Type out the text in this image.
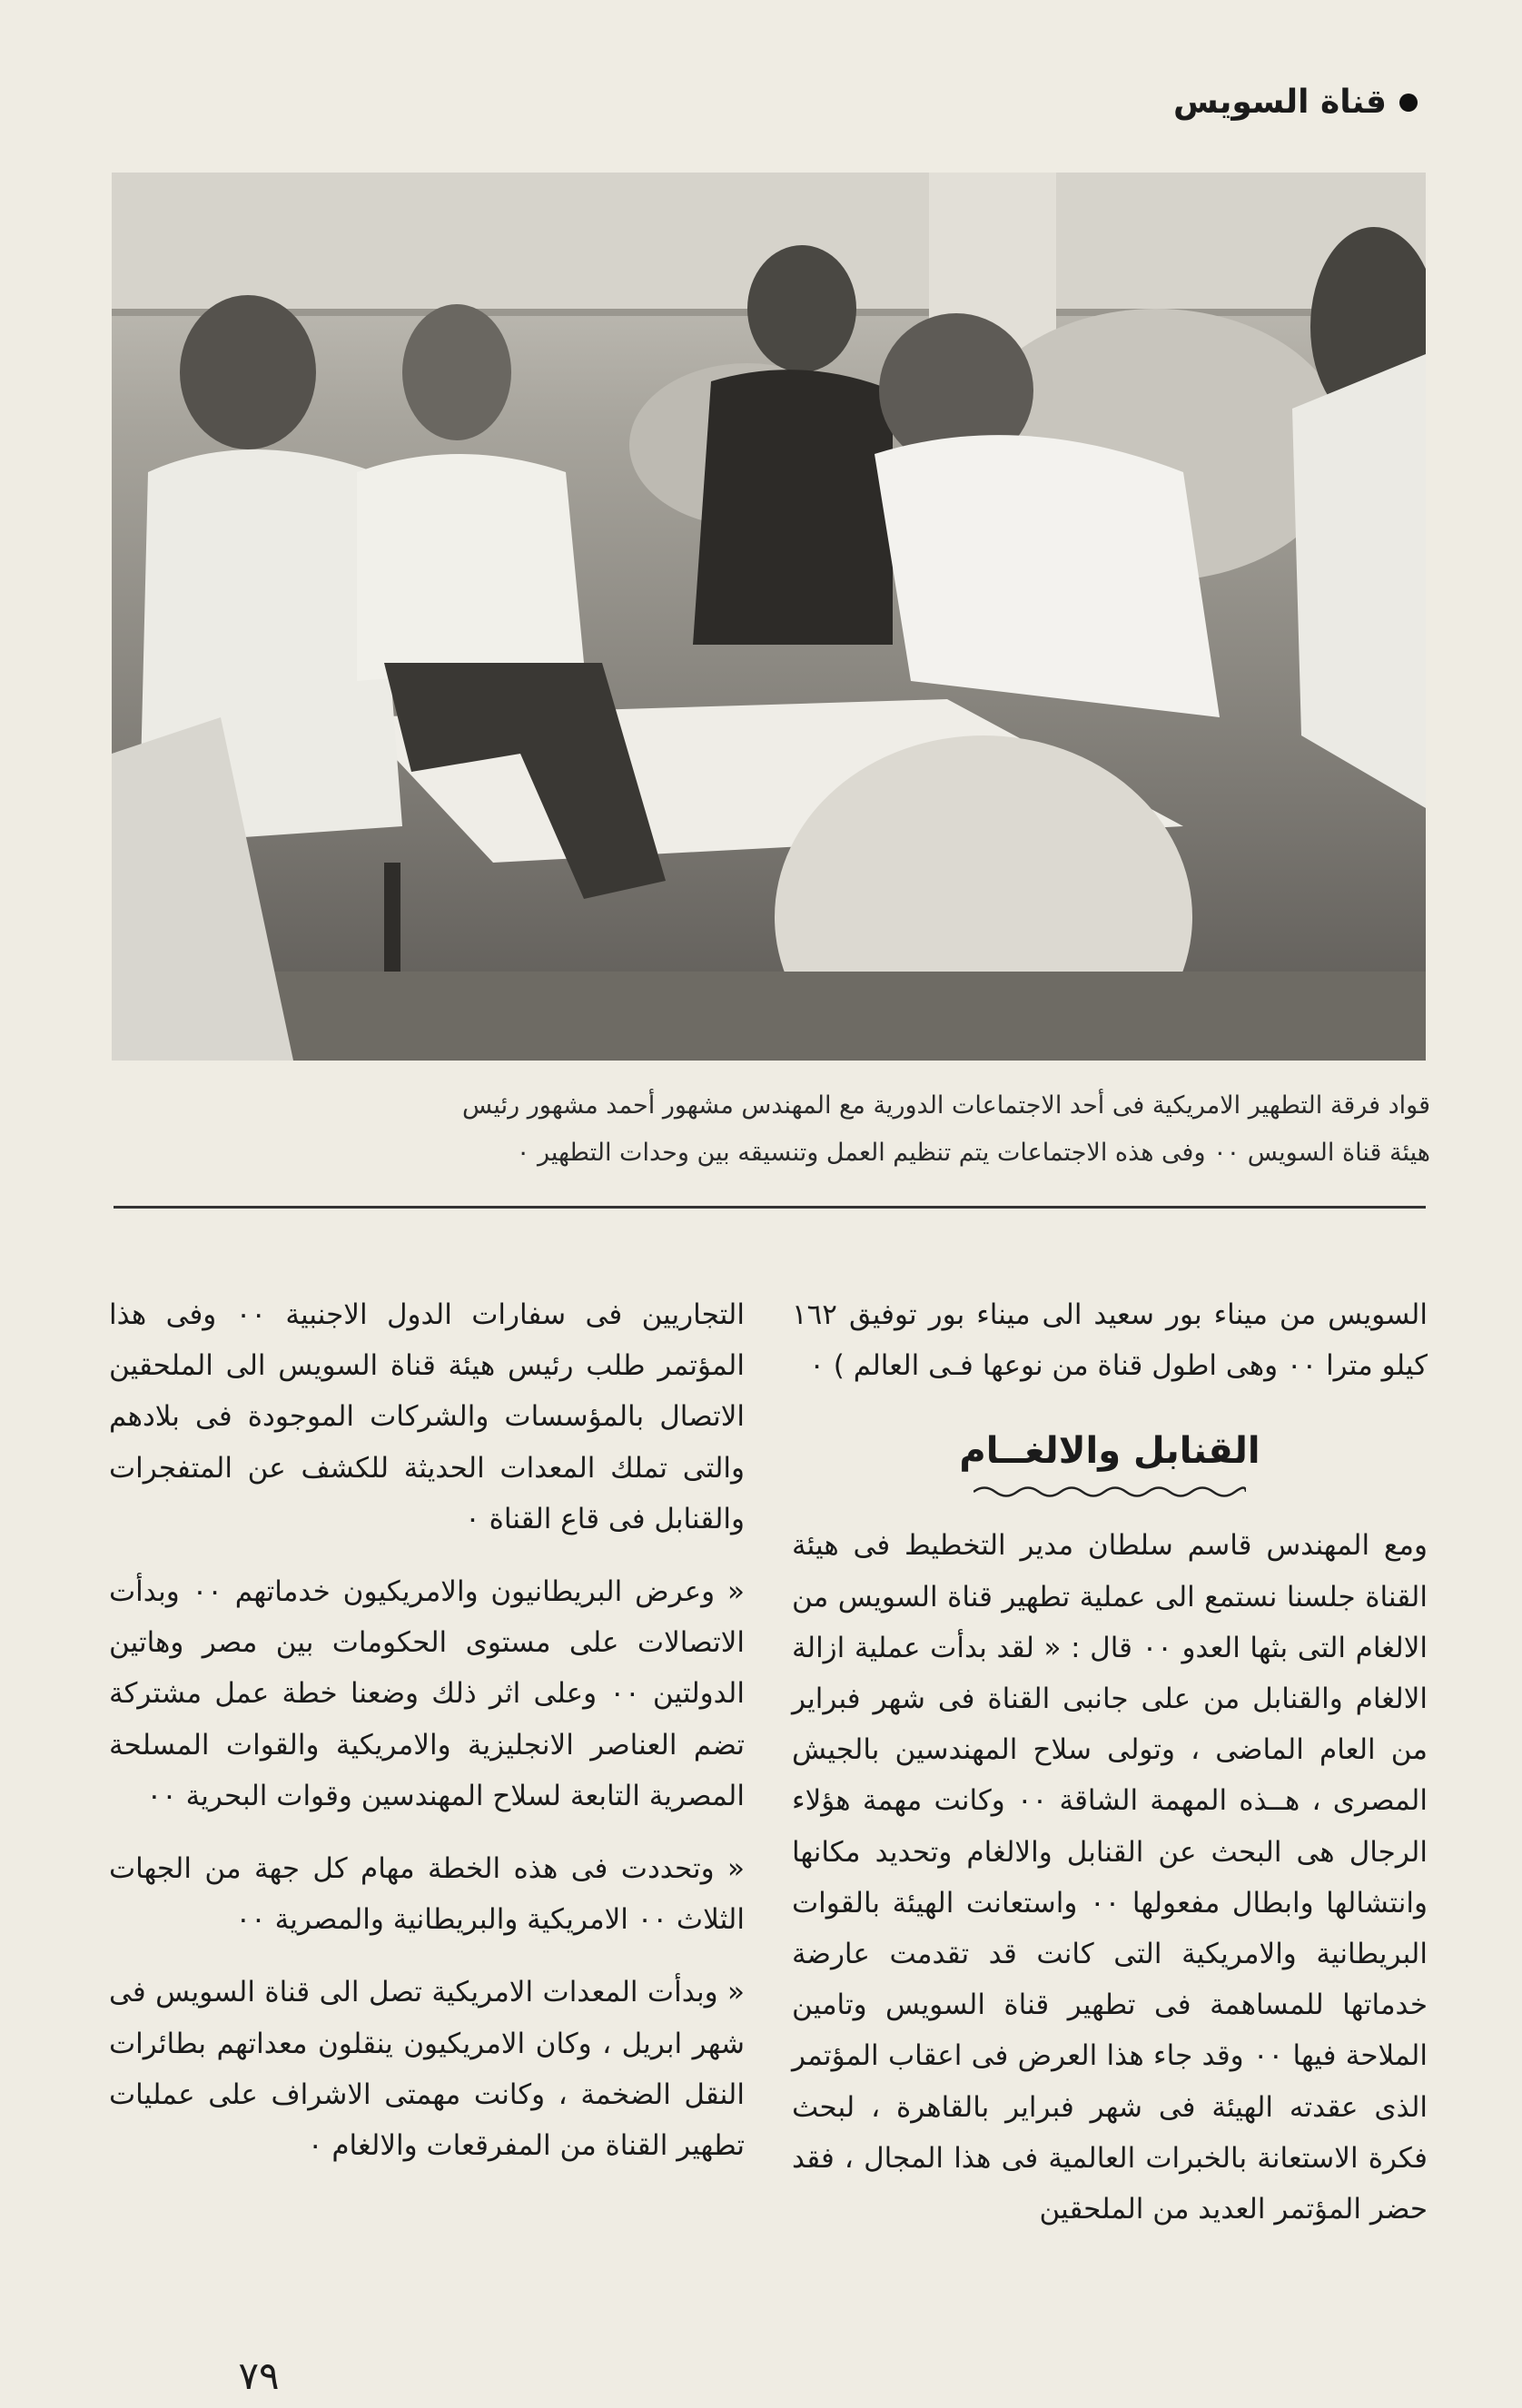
قناة السويس
قواد فرقة التطهير الامريكية فى أحد الاجتماعات الدورية مع المهندس مشهور أحمد مشهور رئيس
هيئة قناة السويس ٠٠ وفى هذه الاجتماعات يتم تنظيم العمل وتنسيقه بين وحدات التطهير ٠

السويس من ميناء بور سعيد الى ميناء بور توفيق ١٦٢ كيلو مترا ٠٠ وهى اطول قناة من نوعها فـى العالم ) ٠

القنابل والالغــام

ومع المهندس قاسم سلطان مدير التخطيط فى هيئة القناة جلسنا نستمع الى عملية تطهير قناة السويس من الالغام التى بثها العدو ٠٠ قال : « لقد بدأت عملية ازالة الالغام والقنابل من على جانبى القناة فى شهر فبراير من العام الماضى ، وتولى سلاح المهندسين بالجيش المصرى ، هــذه المهمة الشاقة ٠٠ وكانت مهمة هؤلاء الرجال هى البحث عن القنابل والالغام وتحديد مكانها وانتشالها وابطال مفعولها ٠٠ واستعانت الهيئة بالقوات البريطانية والامريكية التى كانت قد تقدمت عارضة خدماتها للمساهمة فى تطهير قناة السويس وتامين الملاحة فيها ٠٠ وقد جاء هذا العرض فى اعقاب المؤتمر الذى عقدته الهيئة فى شهر فبراير بالقاهرة ، لبحث فكرة الاستعانة بالخبرات العالمية فى هذا المجال ، فقد حضر المؤتمر العديد من الملحقين

التجاريين فى سفارات الدول الاجنبية ٠٠ وفى هذا المؤتمر طلب رئيس هيئة قناة السويس الى الملحقين الاتصال بالمؤسسات والشركات الموجودة فى بلادهم والتى تملك المعدات الحديثة للكشف عن المتفجرات والقنابل فى قاع القناة ٠

« وعرض البريطانيون والامريكيون خدماتهم ٠٠ وبدأت الاتصالات على مستوى الحكومات بين مصر وهاتين الدولتين ٠٠ وعلى اثر ذلك وضعنا خطة عمل مشتركة تضم العناصر الانجليزية والامريكية والقوات المسلحة المصرية التابعة لسلاح المهندسين وقوات البحرية ٠٠

« وتحددت فى هذه الخطة مهام كل جهة من الجهات الثلاث ٠٠ الامريكية والبريطانية والمصرية ٠٠

« وبدأت المعدات الامريكية تصل الى قناة السويس فى شهر ابريل ، وكان الامريكيون ينقلون معداتهم بطائرات النقل الضخمة ، وكانت مهمتى الاشراف على عمليات تطهير القناة من المفرقعات والالغام ٠

٧٩
